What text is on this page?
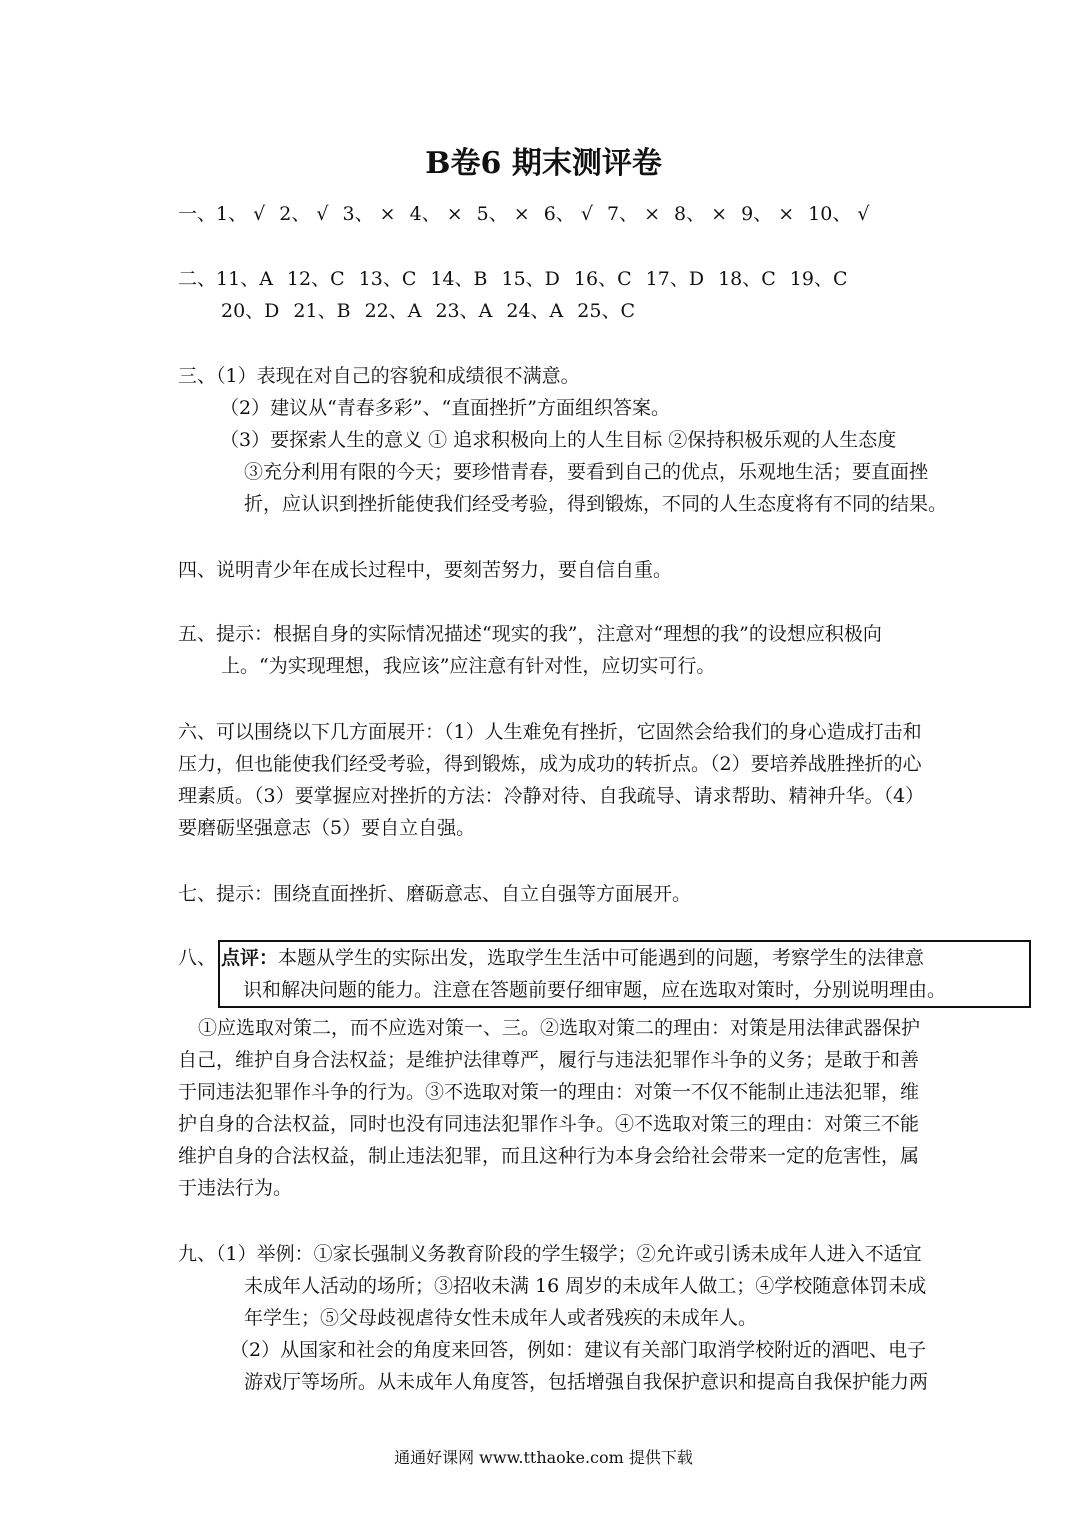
B卷6 期末测评卷
一、1、 √ 2、 √ 3、 × 4、 × 5、 × 6、 √ 7、 × 8、 × 9、 × 10、 √
二、11、A 12、C 13、C 14、B 15、D 16、C 17、D 18、C 19、C
20、D 21、B 22、A 23、A 24、A 25、C
三、（1）表现在对自己的容貌和成绩很不满意。
（2）建议从“青春多彩”、“直面挫折”方面组织答案。
（3）要探索人生的意义 ① 追求积极向上的人生目标 ②保持积极乐观的人生态度
③充分利用有限的今天；要珍惜青春，要看到自己的优点，乐观地生活；要直面挫
折，应认识到挫折能使我们经受考验，得到锻炼，不同的人生态度将有不同的结果。
四、说明青少年在成长过程中，要刻苦努力，要自信自重。
五、提示：根据自身的实际情况描述“现实的我”，注意对“理想的我”的设想应积极向
上。“为实现理想，我应该”应注意有针对性，应切实可行。
六、可以围绕以下几方面展开：（1）人生难免有挫折，它固然会给我们的身心造成打击和
压力，但也能使我们经受考验，得到锻炼，成为成功的转折点。（2）要培养战胜挫折的心
理素质。（3）要掌握应对挫折的方法：冷静对待、自我疏导、请求帮助、精神升华。（4）
要磨砺坚强意志（5）要自立自强。
七、提示：围绕直面挫折、磨砺意志、自立自强等方面展开。
八、 点评：本题从学生的实际出发，选取学生生活中可能遇到的问题，考察学生的法律意
识和解决问题的能力。注意在答题前要仔细审题，应在选取对策时，分别说明理由。
①应选取对策二，而不应选对策一、三。②选取对策二的理由：对策是用法律武器保护
自己，维护自身合法权益；是维护法律尊严，履行与违法犯罪作斗争的义务；是敢于和善
于同违法犯罪作斗争的行为。③不选取对策一的理由：对策一不仅不能制止违法犯罪，维
护自身的合法权益，同时也没有同违法犯罪作斗争。④不选取对策三的理由：对策三不能
维护自身的合法权益，制止违法犯罪，而且这种行为本身会给社会带来一定的危害性，属
于违法行为。
九、（1）举例：①家长强制义务教育阶段的学生辍学；②允许或引诱未成年人进入不适宜
未成年人活动的场所；③招收未满 16 周岁的未成年人做工；④学校随意体罚未成
年学生；⑤父母歧视虐待女性未成年人或者残疾的未成年人。
（2）从国家和社会的角度来回答，例如：建议有关部门取消学校附近的酒吧、电子
游戏厅等场所。从未成年人角度答，包括增强自我保护意识和提高自我保护能力两
通通好课网 www.tthaoke.com 提供下载
